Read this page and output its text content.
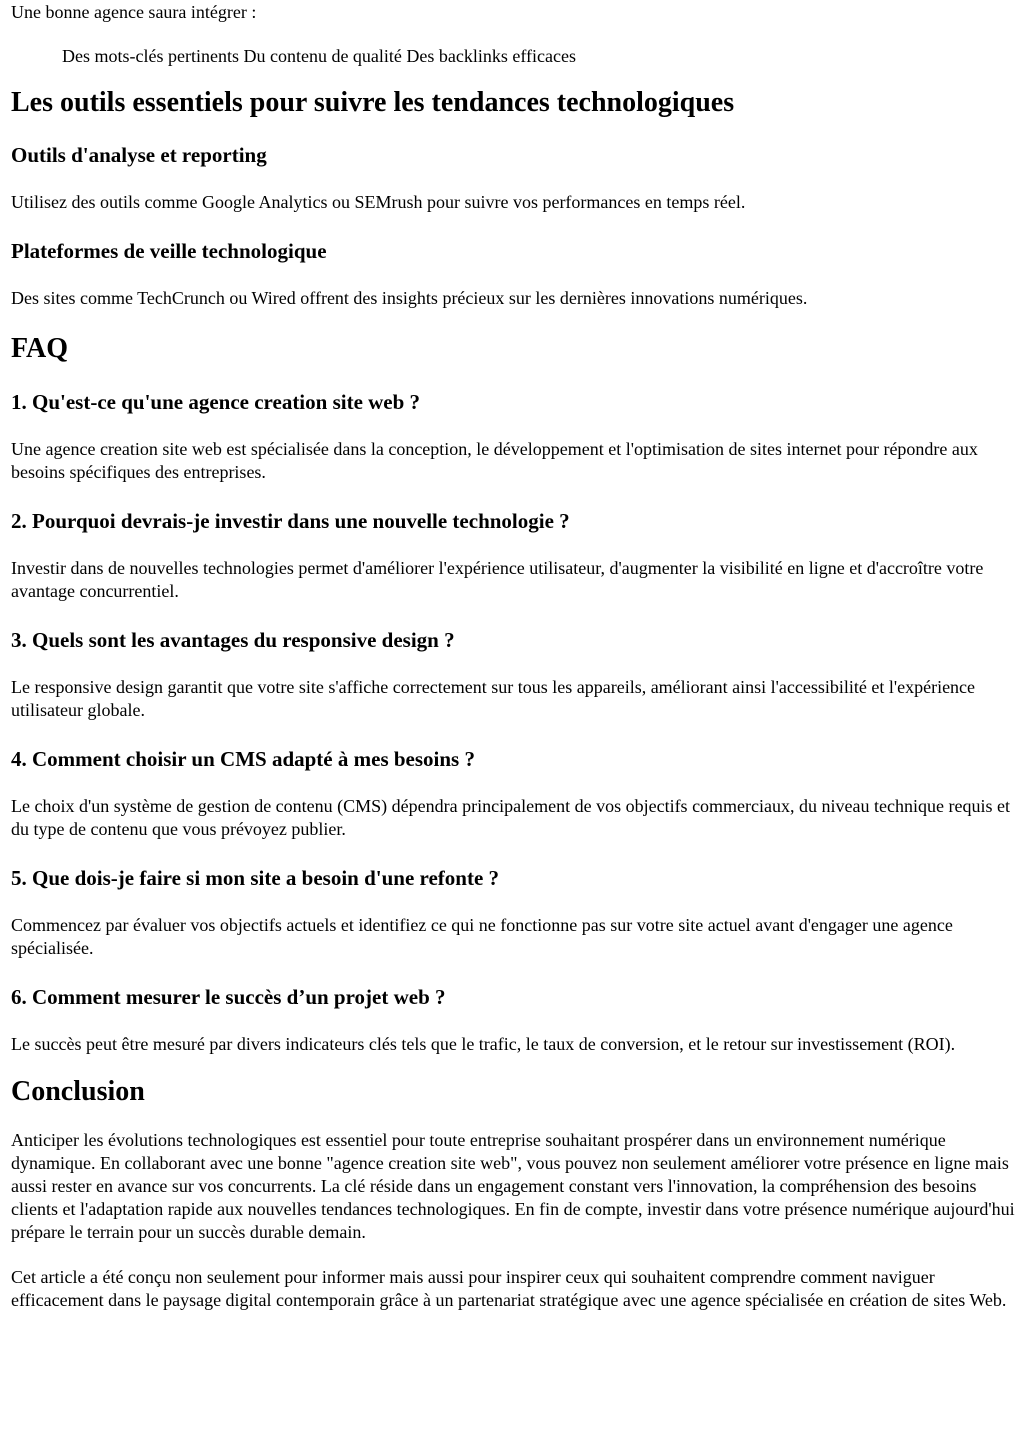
Une bonne agence saura intégrer :

Des mots-clés pertinents Du contenu de qualité Des backlinks efficaces

Les outils essentiels pour suivre les tendances technologiques
Outils d'analyse et reporting

Utilisez des outils comme Google Analytics ou SEMrush pour suivre vos performances en temps réel.

Plateformes de veille technologique

Des sites comme TechCrunch ou Wired offrent des insights précieux sur les dernières innovations numériques.

FAQ
1. Qu'est-ce qu'une agence creation site web ?

Une agence creation site web est spécialisée dans la conception, le développement et l'optimisation de sites internet pour répondre aux besoins spécifiques des entreprises.

2. Pourquoi devrais-je investir dans une nouvelle technologie ?

Investir dans de nouvelles technologies permet d'améliorer l'expérience utilisateur, d'augmenter la visibilité en ligne et d'accroître votre avantage concurrentiel.

3. Quels sont les avantages du responsive design ?

Le responsive design garantit que votre site s'affiche correctement sur tous les appareils, améliorant ainsi l'accessibilité et l'expérience utilisateur globale.

4. Comment choisir un CMS adapté à mes besoins ?

Le choix d'un système de gestion de contenu (CMS) dépendra principalement de vos objectifs commerciaux, du niveau technique requis et du type de contenu que vous prévoyez publier.

5. Que dois-je faire si mon site a besoin d'une refonte ?

Commencez par évaluer vos objectifs actuels et identifiez ce qui ne fonctionne pas sur votre site actuel avant d'engager une agence spécialisée.

6. Comment mesurer le succès d’un projet web ?

Le succès peut être mesuré par divers indicateurs clés tels que le trafic, le taux de conversion, et le retour sur investissement (ROI).

Conclusion

Anticiper les évolutions technologiques est essentiel pour toute entreprise souhaitant prospérer dans un environnement numérique dynamique. En collaborant avec une bonne "agence creation site web", vous pouvez non seulement améliorer votre présence en ligne mais aussi rester en avance sur vos concurrents. La clé réside dans un engagement constant vers l'innovation, la compréhension des besoins clients et l'adaptation rapide aux nouvelles tendances technologiques. En fin de compte, investir dans votre présence numérique aujourd'hui prépare le terrain pour un succès durable demain.

Cet article a été conçu non seulement pour informer mais aussi pour inspirer ceux qui souhaitent comprendre comment naviguer efficacement dans le paysage digital contemporain grâce à un partenariat stratégique avec une agence spécialisée en création de sites Web.
